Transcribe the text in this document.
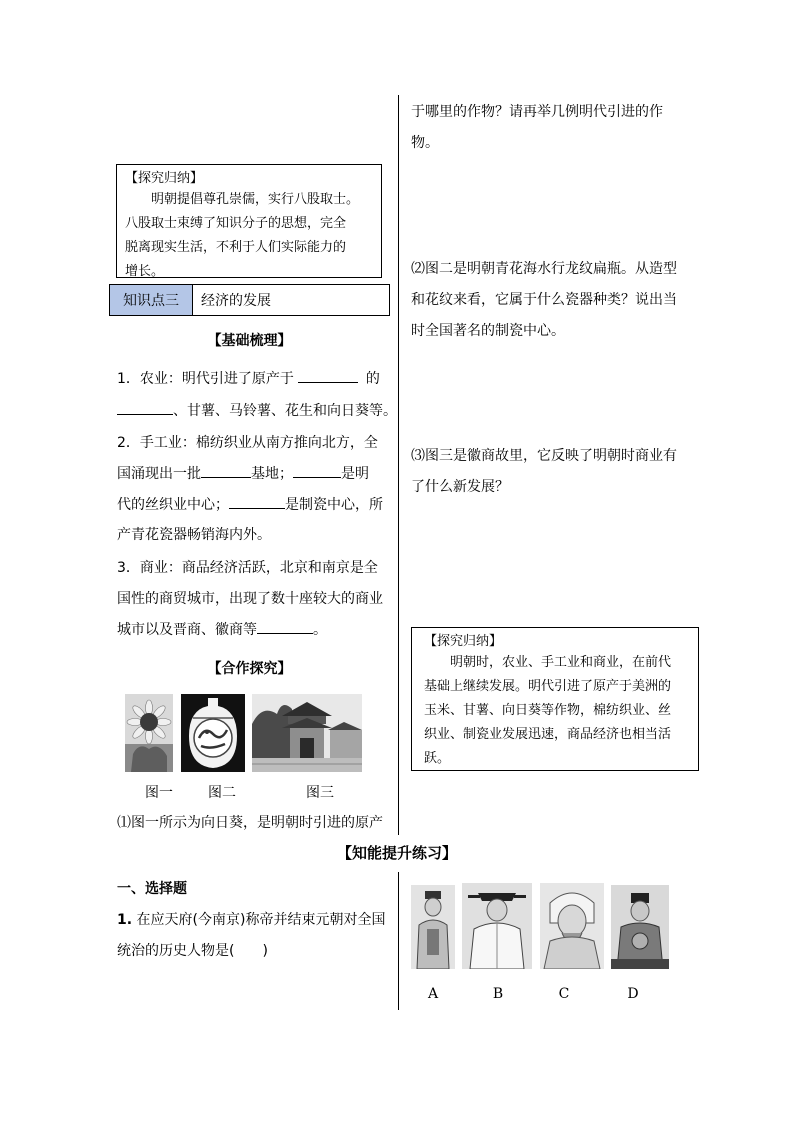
【探究归纳】
　　明朝提倡尊孔崇儒，实行八股取士。
八股取士束缚了知识分子的思想，完全
脱离现实生活，不利于人们实际能力的
增长。
知识点三	经济的发展
【基础梳理】
1．农业：明代引进了原产于	的
、甘薯、马铃薯、花生和向日葵等。
2．手工业：棉纺织业从南方推向北方，全
国涌现出一批	基地；	是明
代的丝织业中心；	是制瓷中心，所
产青花瓷器畅销海内外。
3．商业：商品经济活跃，北京和南京是全
国性的商贸城市，出现了数十座较大的商业
城市以及晋商、徽商等	。
【合作探究】
图一	图二	图三
⑴图一所示为向日葵，是明朝时引进的原产
于哪里的作物？请再举几例明代引进的作
物。
⑵图二是明朝青花海水行龙纹扁瓶。从造型
和花纹来看，它属于什么瓷器种类？说出当
时全国著名的制瓷中心。
⑶图三是徽商故里，它反映了明朝时商业有
了什么新发展？
【探究归纳】
　　明朝时，农业、手工业和商业，在前代
基础上继续发展。明代引进了原产于美洲的
玉米、甘薯、向日葵等作物，棉纺织业、丝
织业、制瓷业发展迅速，商品经济也相当活
跃。
【知能提升练习】
一、选择题
1. 在应天府(今南京)称帝并结束元朝对全国
统治的历史人物是(　　)
A	B	C	D
